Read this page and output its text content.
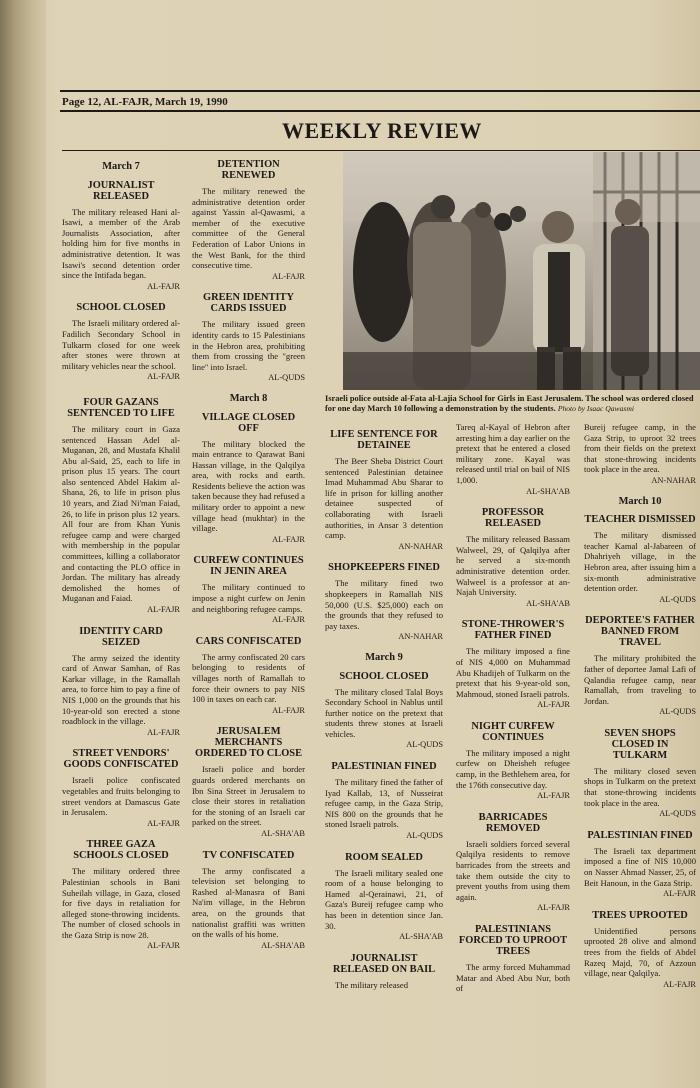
Page 12, AL-FAJR, March 19, 1990
WEEKLY REVIEW
March 7
JOURNALIST RELEASED

The military released Hani al-Isawi, a member of the Arab Journalists Association, after holding him for five months in administrative detention. It was Isawi's second detention order since the Intifada began.

AL-FAJR
SCHOOL CLOSED

The Israeli military ordered al-Fadilich Secondary School in Tulkarm closed for one week after stones were thrown at military vehicles near the school.

AL-FAJR
FOUR GAZANS SENTENCED TO LIFE

The military court in Gaza sentenced Hassan Adel al-Muganan, 28, and Mustafa Khalil Abu al-Said, 25, each to life in prison plus 15 years. The court also sentenced Abdel Hakim al-Shana, 26, to life in prison plus 10 years, and Ziad Ni'man Faiad, 26, to life in prison plus 12 years. All four are from Khan Yunis refugee camp and were charged with membership in the popular committees, killing a collaborator and contacting the PLO office in Jordan. The military has already demolished the homes of Muganan and Faiad.

AL-FAJR
IDENTITY CARD SEIZED

The army seized the identity card of Anwar Samhan, of Ras Karkar village, in the Ramallah area, to force him to pay a fine of NIS 1,000 on the grounds that his 10-year-old son erected a stone roadblock in the village.

AL-FAJR
STREET VENDORS' GOODS CONFISCATED

Israeli police confiscated vegetables and fruits belonging to street vendors at Damascus Gate in Jerusalem.

AL-FAJR
THREE GAZA SCHOOLS CLOSED

The military ordered three Palestinian schools in Bani Suheilah village, in Gaza, closed for five days in retaliation for alleged stone-throwing incidents. The number of closed schools in the Gaza Strip is now 28.

AL-FAJR
DETENTION RENEWED

The military renewed the administrative detention order against Yassin al-Qawasmi, a member of the executive committee of the General Federation of Labor Unions in the West Bank, for the third consecutive time.

AL-FAJR
GREEN IDENTITY CARDS ISSUED

The military issued green identity cards to 15 Palestinians in the Hebron area, prohibiting them from crossing the "green line" into Israel.

AL-QUDS
March 8
VILLAGE CLOSED OFF

The military blocked the main entrance to Qarawat Bani Hassan village, in the Qalqilya area, with rocks and earth. Residents believe the action was taken because they had refused a military order to appoint a new village head (mukhtar) in the village.

AL-FAJR
CURFEW CONTINUES IN JENIN AREA

The military continued to impose a night curfew on Jenin and neighboring refugee camps.

AL-FAJR
CARS CONFISCATED

The army confiscated 20 cars belonging to residents of villages north of Ramallah to force their owners to pay NIS 100 in taxes on each car.

AL-FAJR
JERUSALEM MERCHANTS ORDERED TO CLOSE

Israeli police and border guards ordered merchants on Ibn Sina Street in Jerusalem to close their stores in retaliation for the stoning of an Israeli car parked on the street.

AL-SHA'AB
TV CONFISCATED

The army confiscated a television set belonging to Rashed al-Manasra of Bani Na'im village, in the Hebron area, on the grounds that nationalist graffiti was written on the walls of his home.

AL-SHA'AB
Israeli police outside al-Fata al-Lajia School for Girls in East Jerusalem. The school was ordered closed for one day March 10 following a demonstration by the students. Photo by Isaac Qawasmi
LIFE SENTENCE FOR DETAINEE

The Beer Sheba District Court sentenced Palestinian detainee Imad Muhammad Abu Sharar to life in prison for killing another detainee suspected of collaborating with Israeli authorities, in Ansar 3 detention camp.

AN-NAHAR
SHOPKEEPERS FINED

The military fined two shopkeepers in Ramallah NIS 50,000 (U.S. $25,000) each on the grounds that they refused to pay taxes.

AN-NAHAR
March 9
SCHOOL CLOSED

The military closed Talal Boys Secondary School in Nablus until further notice on the pretext that students threw stones at Israeli vehicles.

AL-QUDS
PALESTINIAN FINED

The military fined the father of Iyad Kallab, 13, of Nusseirat refugee camp, in the Gaza Strip, NIS 800 on the grounds that he stoned Israeli patrols.

AL-QUDS
ROOM SEALED

The Israeli military sealed one room of a house belonging to Hamed al-Qerainawi, 21, of Gaza's Bureij refugee camp who has been in detention since Jan. 30.

AL-SHA'AB
JOURNALIST RELEASED ON BAIL

The military released

Tareq al-Kayal of Hebron after arresting him a day earlier on the pretext that he entered a closed military zone. Kayal was released until trial on bail of NIS 1,000.

AL-SHA'AB
PROFESSOR RELEASED

The military released Bassam Walweel, 29, of Qalqilya after he served a six-month administrative detention order. Walweel is a professor at an-Najah University.

AL-SHA'AB
STONE-THROWER'S FATHER FINED

The military imposed a fine of NIS 4,000 on Muhammad Abu Khadijeh of Tulkarm on the pretext that his 9-year-old son, Mahmoud, stoned Israeli patrols.

AL-FAJR
NIGHT CURFEW CONTINUES

The military imposed a night curfew on Dheisheh refugee camp, in the Bethlehem area, for the 176th consecutive day.

AL-FAJR
BARRICADES REMOVED

Israeli soldiers forced several Qalqilya residents to remove barricades from the streets and take them outside the city to prevent youths from using them again.

AL-FAJR
PALESTINIANS FORCED TO UPROOT TREES

The army forced Muhammad Matar and Abed Abu Nur, both of

Bureij refugee camp, in the Gaza Strip, to uproot 32 trees from their fields on the pretext that stone-throwing incidents took place in the area.

AN-NAHAR
March 10
TEACHER DISMISSED

The military dismissed teacher Kamal al-Jabareen of Dhahriyeh village, in the Hebron area, after issuing him a six-month administrative detention order.

AL-QUDS
DEPORTEE'S FATHER BANNED FROM TRAVEL

The military prohibited the father of deportee Jamal Lafi of Qalandia refugee camp, near Ramallah, from traveling to Jordan.

AL-QUDS
SEVEN SHOPS CLOSED IN TULKARM

The military closed seven shops in Tulkarm on the pretext that stone-throwing incidents took place in the area.

AL-QUDS
PALESTINIAN FINED

The Israeli tax department imposed a fine of NIS 10,000 on Nasser Ahmad Nasser, 25, of Beit Hanoun, in the Gaza Strip.

AL-FAJR
TREES UPROOTED

Unidentified persons uprooted 28 olive and almond trees from the fields of Abdel Razeq Majd, 70, of Azzoun village, near Qalqilya.

AL-FAJR
